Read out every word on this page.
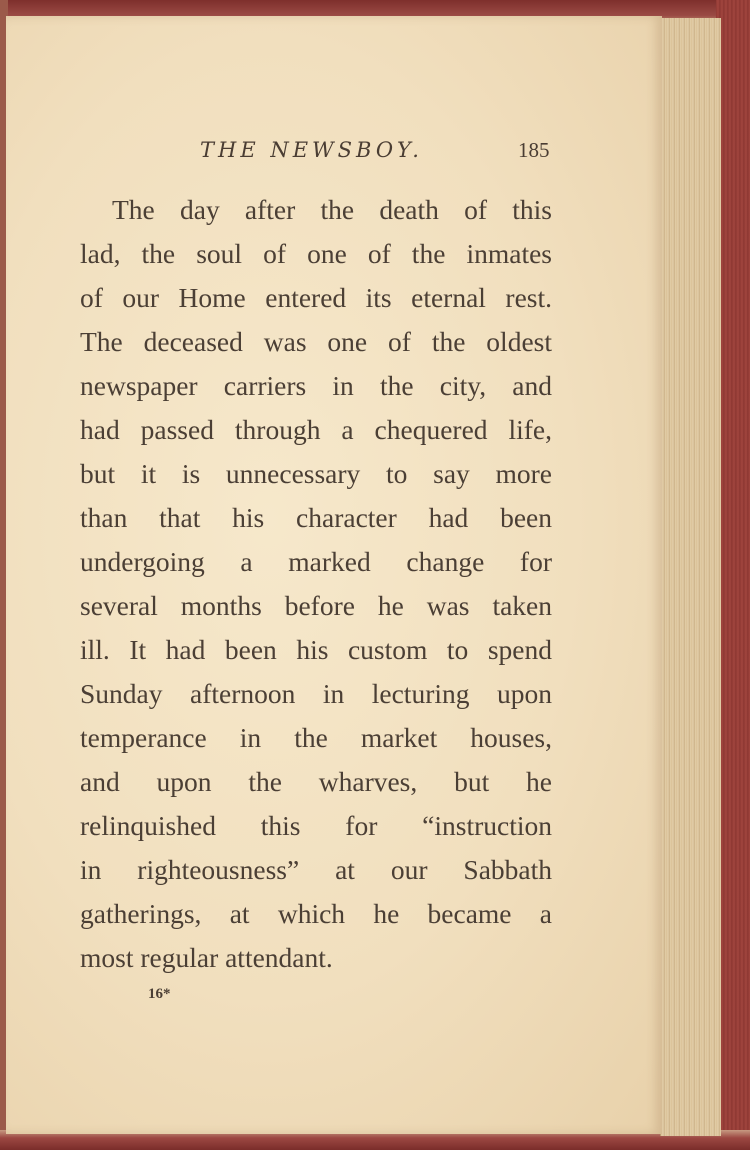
THE NEWSBOY.	185
The day after the death of this
lad, the soul of one of the inmates
of our Home entered its eternal rest.
The deceased was one of the oldest
newspaper carriers in the city, and
had passed through a chequered life,
but it is unnecessary to say more
than that his character had been
undergoing a marked change for
several months before he was taken
ill. It had been his custom to spend
Sunday afternoon in lecturing upon
temperance in the market houses,
and upon the wharves, but he
relinquished this for “instruction
in righteousness” at our Sabbath
gatherings, at which he became a
most regular attendant.
16*
